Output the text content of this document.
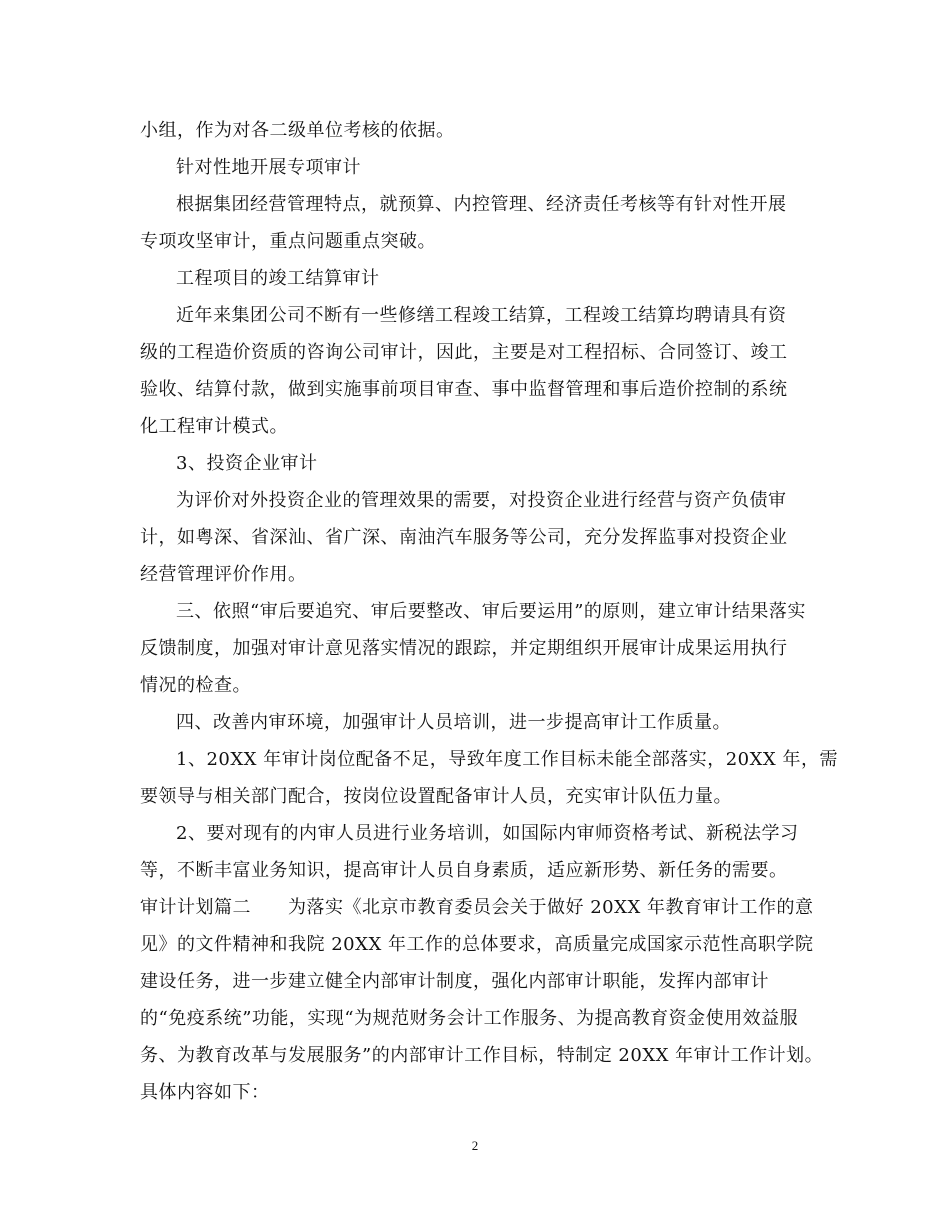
小组，作为对各二级单位考核的依据。
针对性地开展专项审计
根据集团经营管理特点，就预算、内控管理、经济责任考核等有针对性开展
专项攻坚审计，重点问题重点突破。
工程项目的竣工结算审计
近年来集团公司不断有一些修缮工程竣工结算，工程竣工结算均聘请具有资
级的工程造价资质的咨询公司审计，因此，主要是对工程招标、合同签订、竣工
验收、结算付款，做到实施事前项目审查、事中监督管理和事后造价控制的系统
化工程审计模式。
3、投资企业审计
为评价对外投资企业的管理效果的需要，对投资企业进行经营与资产负债审
计，如粤深、省深汕、省广深、南油汽车服务等公司，充分发挥监事对投资企业
经营管理评价作用。
三、依照“审后要追究、审后要整改、审后要运用”的原则，建立审计结果落实
反馈制度，加强对审计意见落实情况的跟踪，并定期组织开展审计成果运用执行
情况的检查。
四、改善内审环境，加强审计人员培训，进一步提高审计工作质量。
1、20XX 年审计岗位配备不足，导致年度工作目标未能全部落实，20XX 年，需
要领导与相关部门配合，按岗位设置配备审计人员，充实审计队伍力量。
2、要对现有的内审人员进行业务培训，如国际内审师资格考试、新税法学习
等，不断丰富业务知识，提高审计人员自身素质，适应新形势、新任务的需要。
审计计划篇二　　为落实《北京市教育委员会关于做好 20XX 年教育审计工作的意
见》的文件精神和我院 20XX 年工作的总体要求，高质量完成国家示范性高职学院
建设任务，进一步建立健全内部审计制度，强化内部审计职能，发挥内部审计
的“免疫系统”功能，实现“为规范财务会计工作服务、为提高教育资金使用效益服
务、为教育改革与发展服务”的内部审计工作目标，特制定 20XX 年审计工作计划。
具体内容如下：
2
